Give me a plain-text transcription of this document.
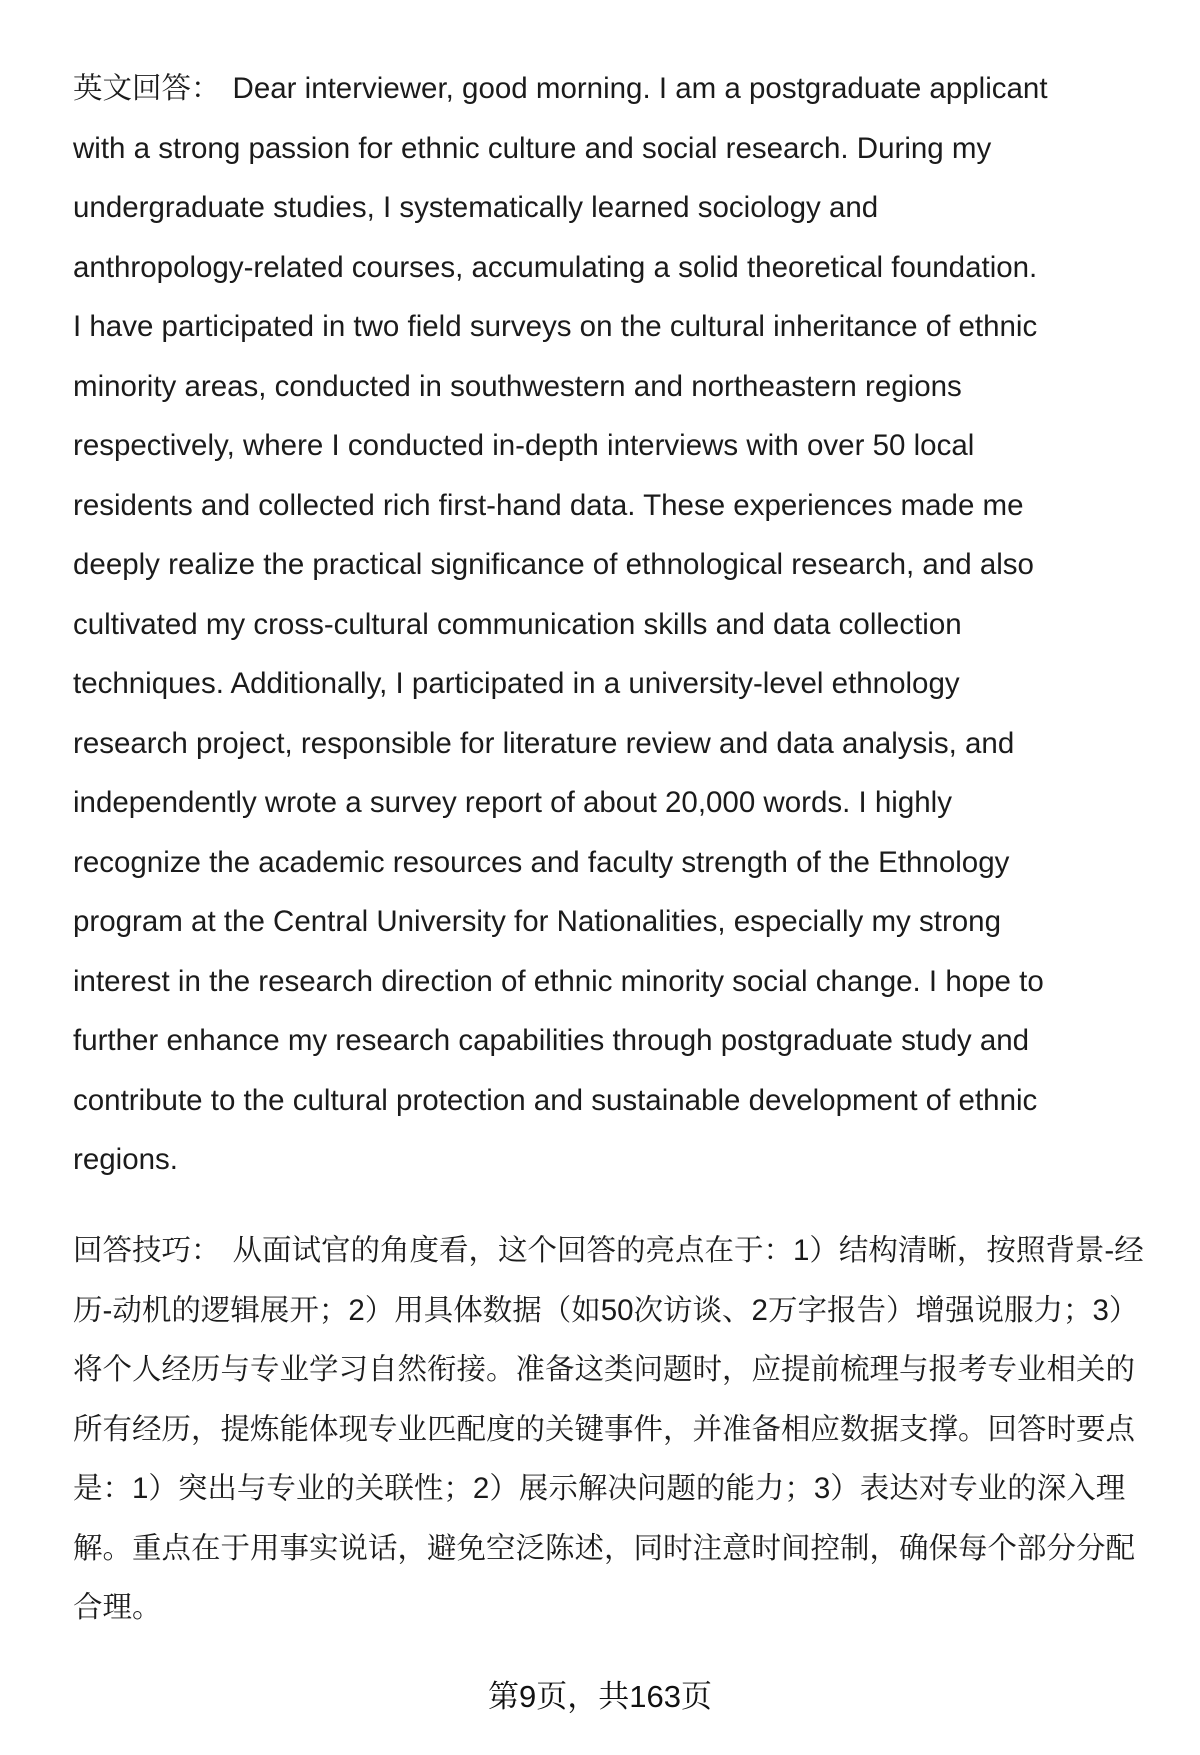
英文回答： Dear interviewer, good morning. I am a postgraduate applicant
with a strong passion for ethnic culture and social research. During my
undergraduate studies, I systematically learned sociology and
anthropology-related courses, accumulating a solid theoretical foundation.
I have participated in two field surveys on the cultural inheritance of ethnic
minority areas, conducted in southwestern and northeastern regions
respectively, where I conducted in-depth interviews with over 50 local
residents and collected rich first-hand data. These experiences made me
deeply realize the practical significance of ethnological research, and also
cultivated my cross-cultural communication skills and data collection
techniques. Additionally, I participated in a university-level ethnology
research project, responsible for literature review and data analysis, and
independently wrote a survey report of about 20,000 words. I highly
recognize the academic resources and faculty strength of the Ethnology
program at the Central University for Nationalities, especially my strong
interest in the research direction of ethnic minority social change. I hope to
further enhance my research capabilities through postgraduate study and
contribute to the cultural protection and sustainable development of ethnic
regions.
回答技巧： 从面试官的角度看，这个回答的亮点在于：1）结构清晰，按照背景-经
历-动机的逻辑展开；2）用具体数据（如50次访谈、2万字报告）增强说服力；3）
将个人经历与专业学习自然衔接。准备这类问题时，应提前梳理与报考专业相关的
所有经历，提炼能体现专业匹配度的关键事件，并准备相应数据支撑。回答时要点
是：1）突出与专业的关联性；2）展示解决问题的能力；3）表达对专业的深入理
解。重点在于用事实说话，避免空泛陈述，同时注意时间控制，确保每个部分分配
合理。
第9页，共163页
